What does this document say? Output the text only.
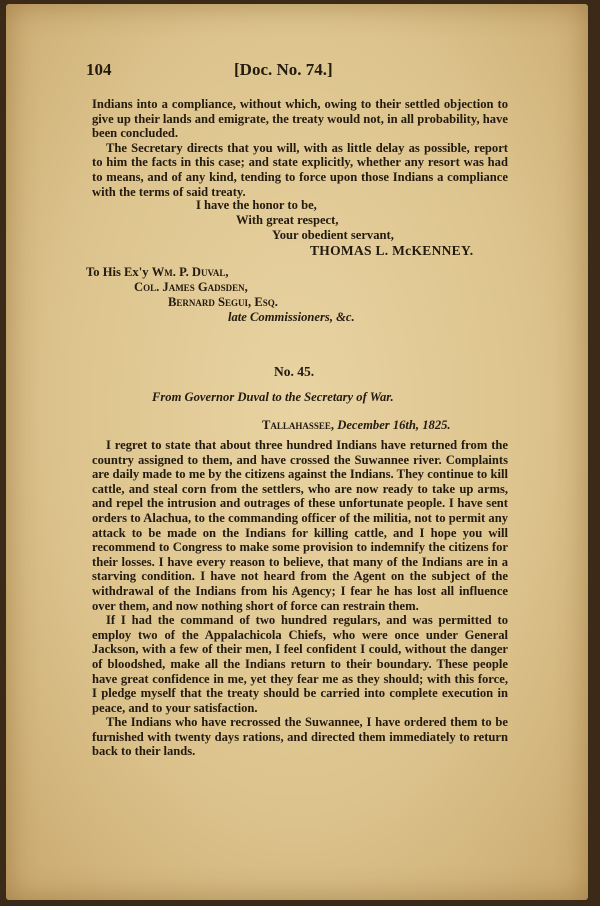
104	[Doc. No. 74.]

Indians into a compliance, without which, owing to their settled objection to give up their lands and emigrate, the treaty would not, in all probability, have been concluded.

The Secretary directs that you will, with as little delay as possible, report to him the facts in this case; and state explicitly, whether any resort was had to means, and of any kind, tending to force upon those Indians a compliance with the terms of said treaty.

I have the honor to be,
With great respect,
Your obedient servant,
THOMAS L. McKENNEY.
To His Ex'y Wm. P. Duval,
Col. James Gadsden,
Bernard Segui, Esq.
late Commissioners, &c.
No. 45.
From Governor Duval to the Secretary of War.
Tallahassee, December 16th, 1825.

I regret to state that about three hundred Indians have returned from the country assigned to them, and have crossed the Suwannee river. Complaints are daily made to me by the citizens against the Indians. They continue to kill cattle, and steal corn from the settlers, who are now ready to take up arms, and repel the intrusion and outrages of these unfortunate people. I have sent orders to Alachua, to the commanding officer of the militia, not to permit any attack to be made on the Indians for killing cattle, and I hope you will recommend to Congress to make some provision to indemnify the citizens for their losses. I have every reason to believe, that many of the Indians are in a starving condition. I have not heard from the Agent on the subject of the withdrawal of the Indians from his Agency; I fear he has lost all influence over them, and now nothing short of force can restrain them.

If I had the command of two hundred regulars, and was permitted to employ two of the Appalachicola Chiefs, who were once under General Jackson, with a few of their men, I feel confident I could, without the danger of bloodshed, make all the Indians return to their boundary. These people have great confidence in me, yet they fear me as they should; with this force, I pledge myself that the treaty should be carried into complete execution in peace, and to your satisfaction.

The Indians who have recrossed the Suwannee, I have ordered them to be furnished with twenty days rations, and directed them immediately to return back to their lands.
